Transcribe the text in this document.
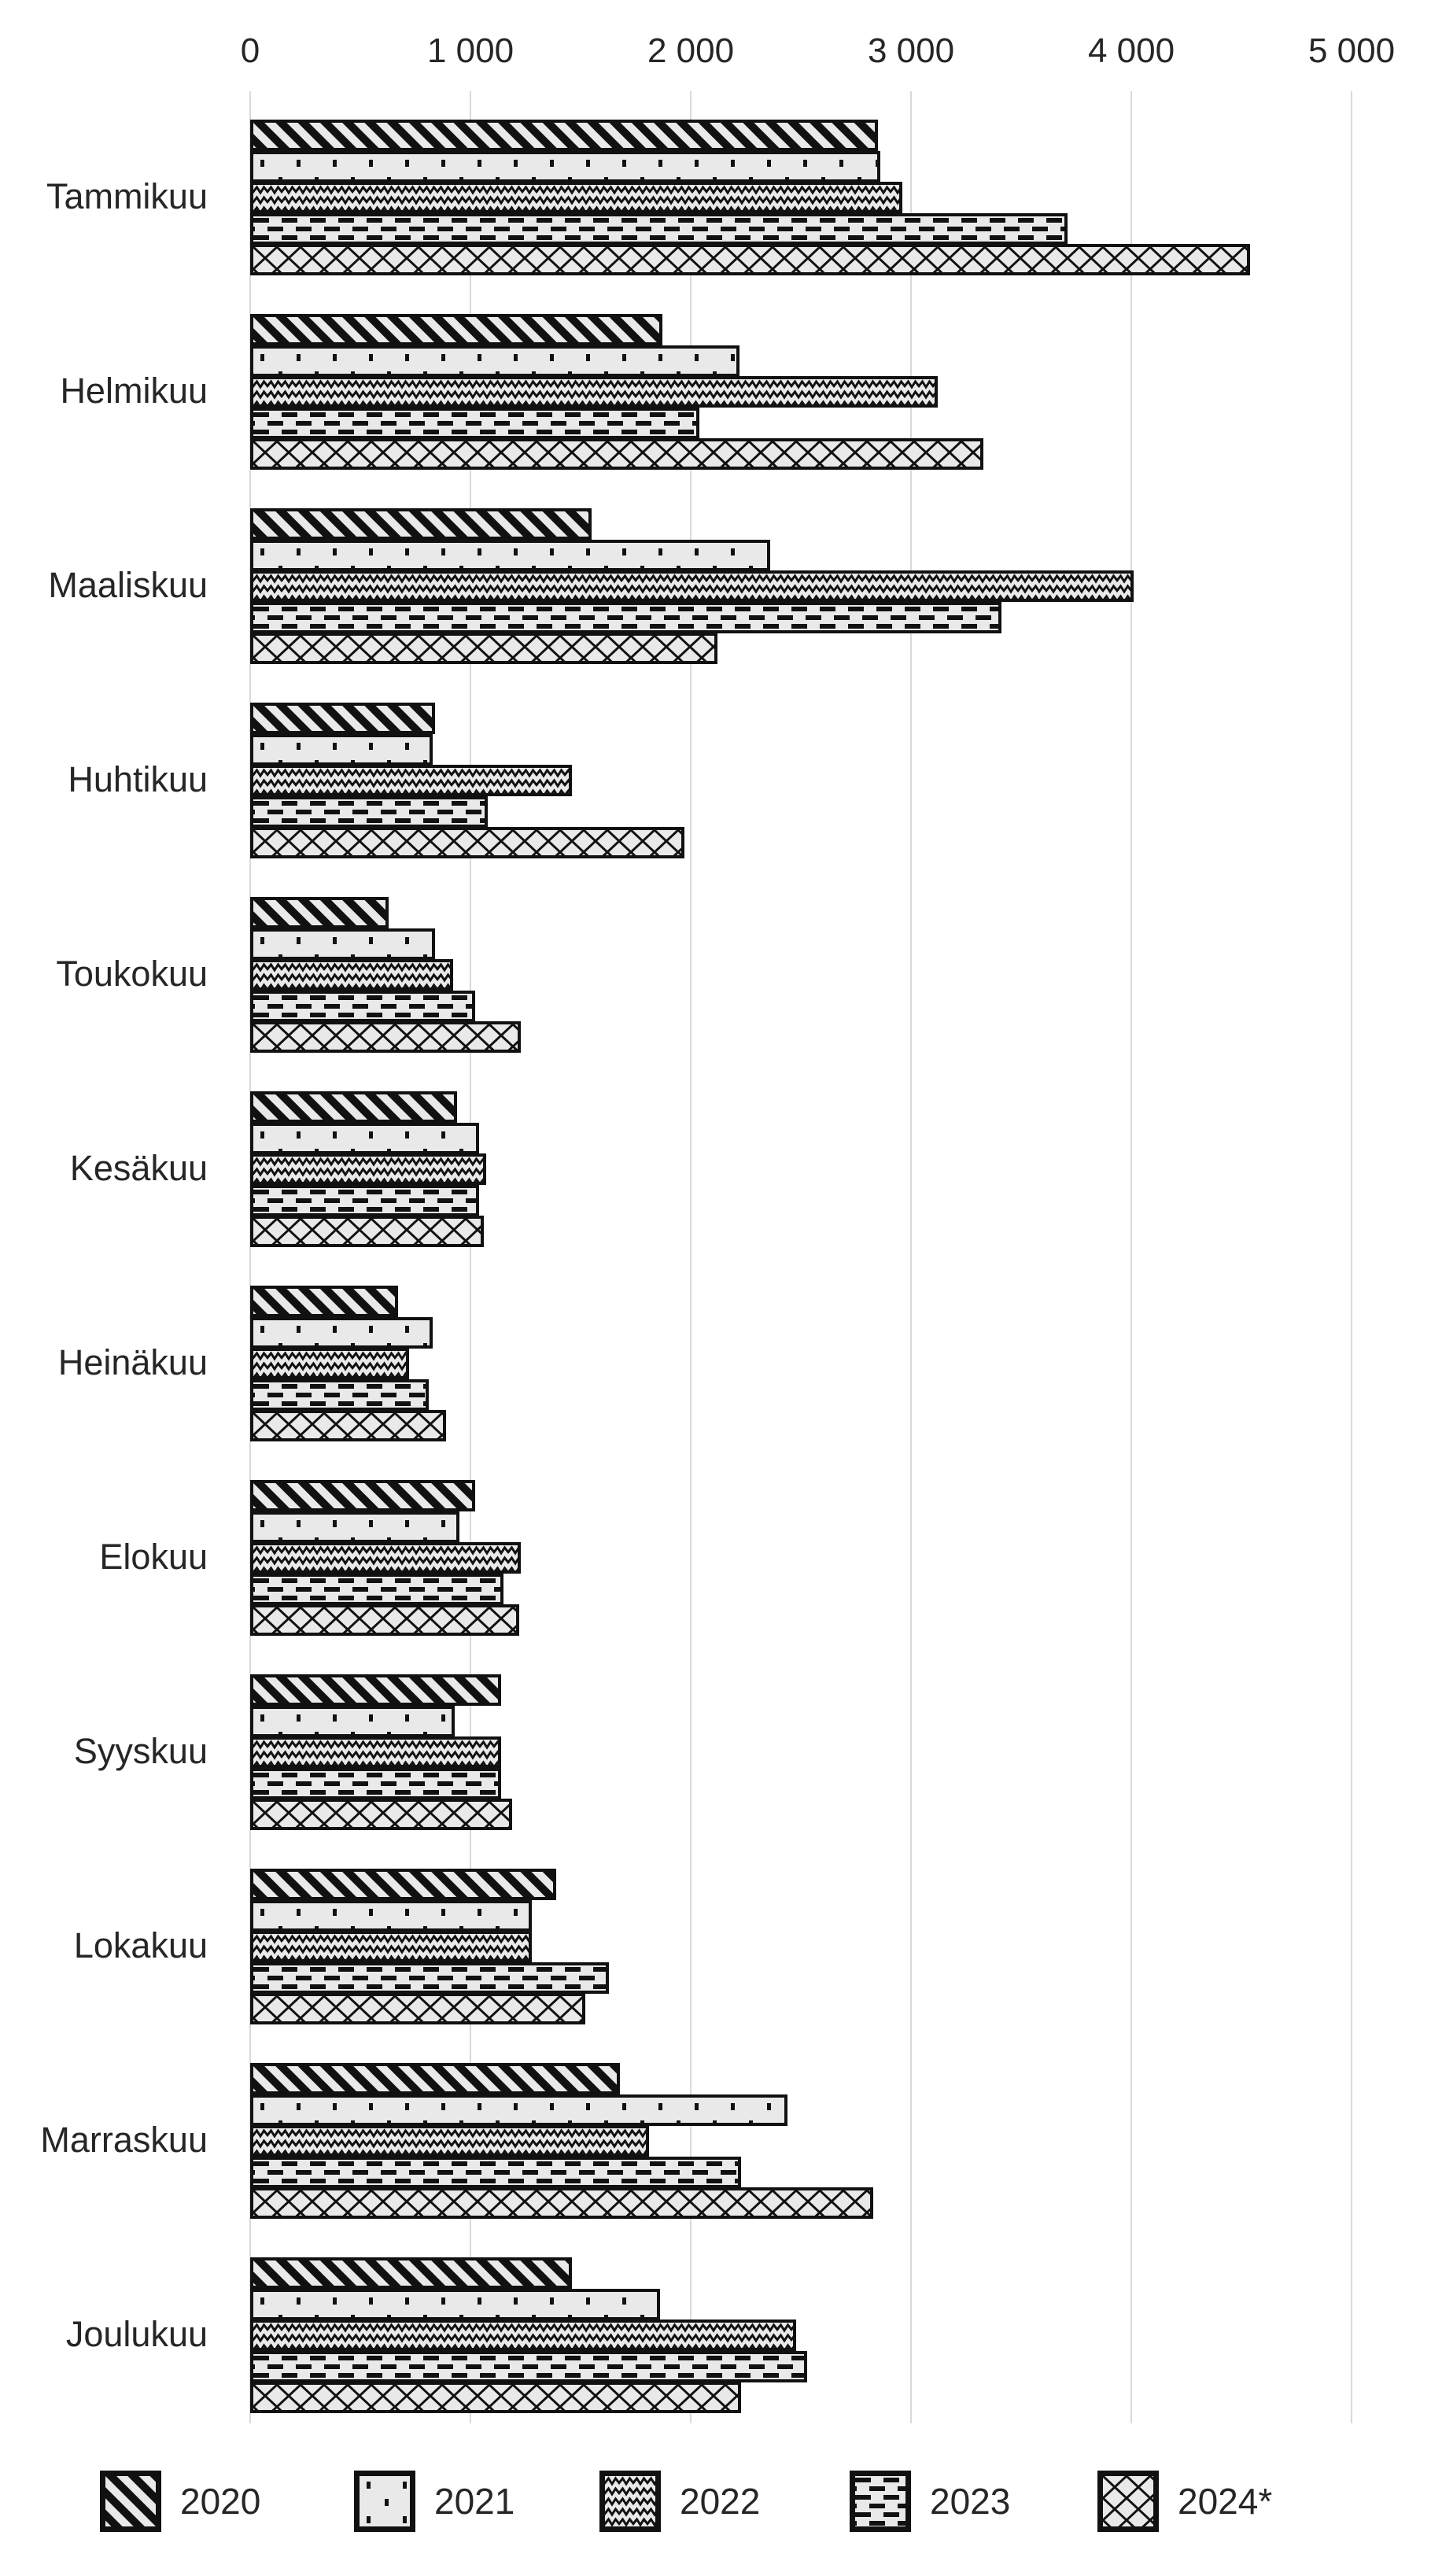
0	1 000	2 000	3 000	4 000	5 000
Tammikuu
Helmikuu
Maaliskuu
Huhtikuu
Toukokuu
Kesäkuu
Heinäkuu
Elokuu
Syyskuu
Lokakuu
Marraskuu
Joulukuu
2020	2021	2022	2023	2024*
